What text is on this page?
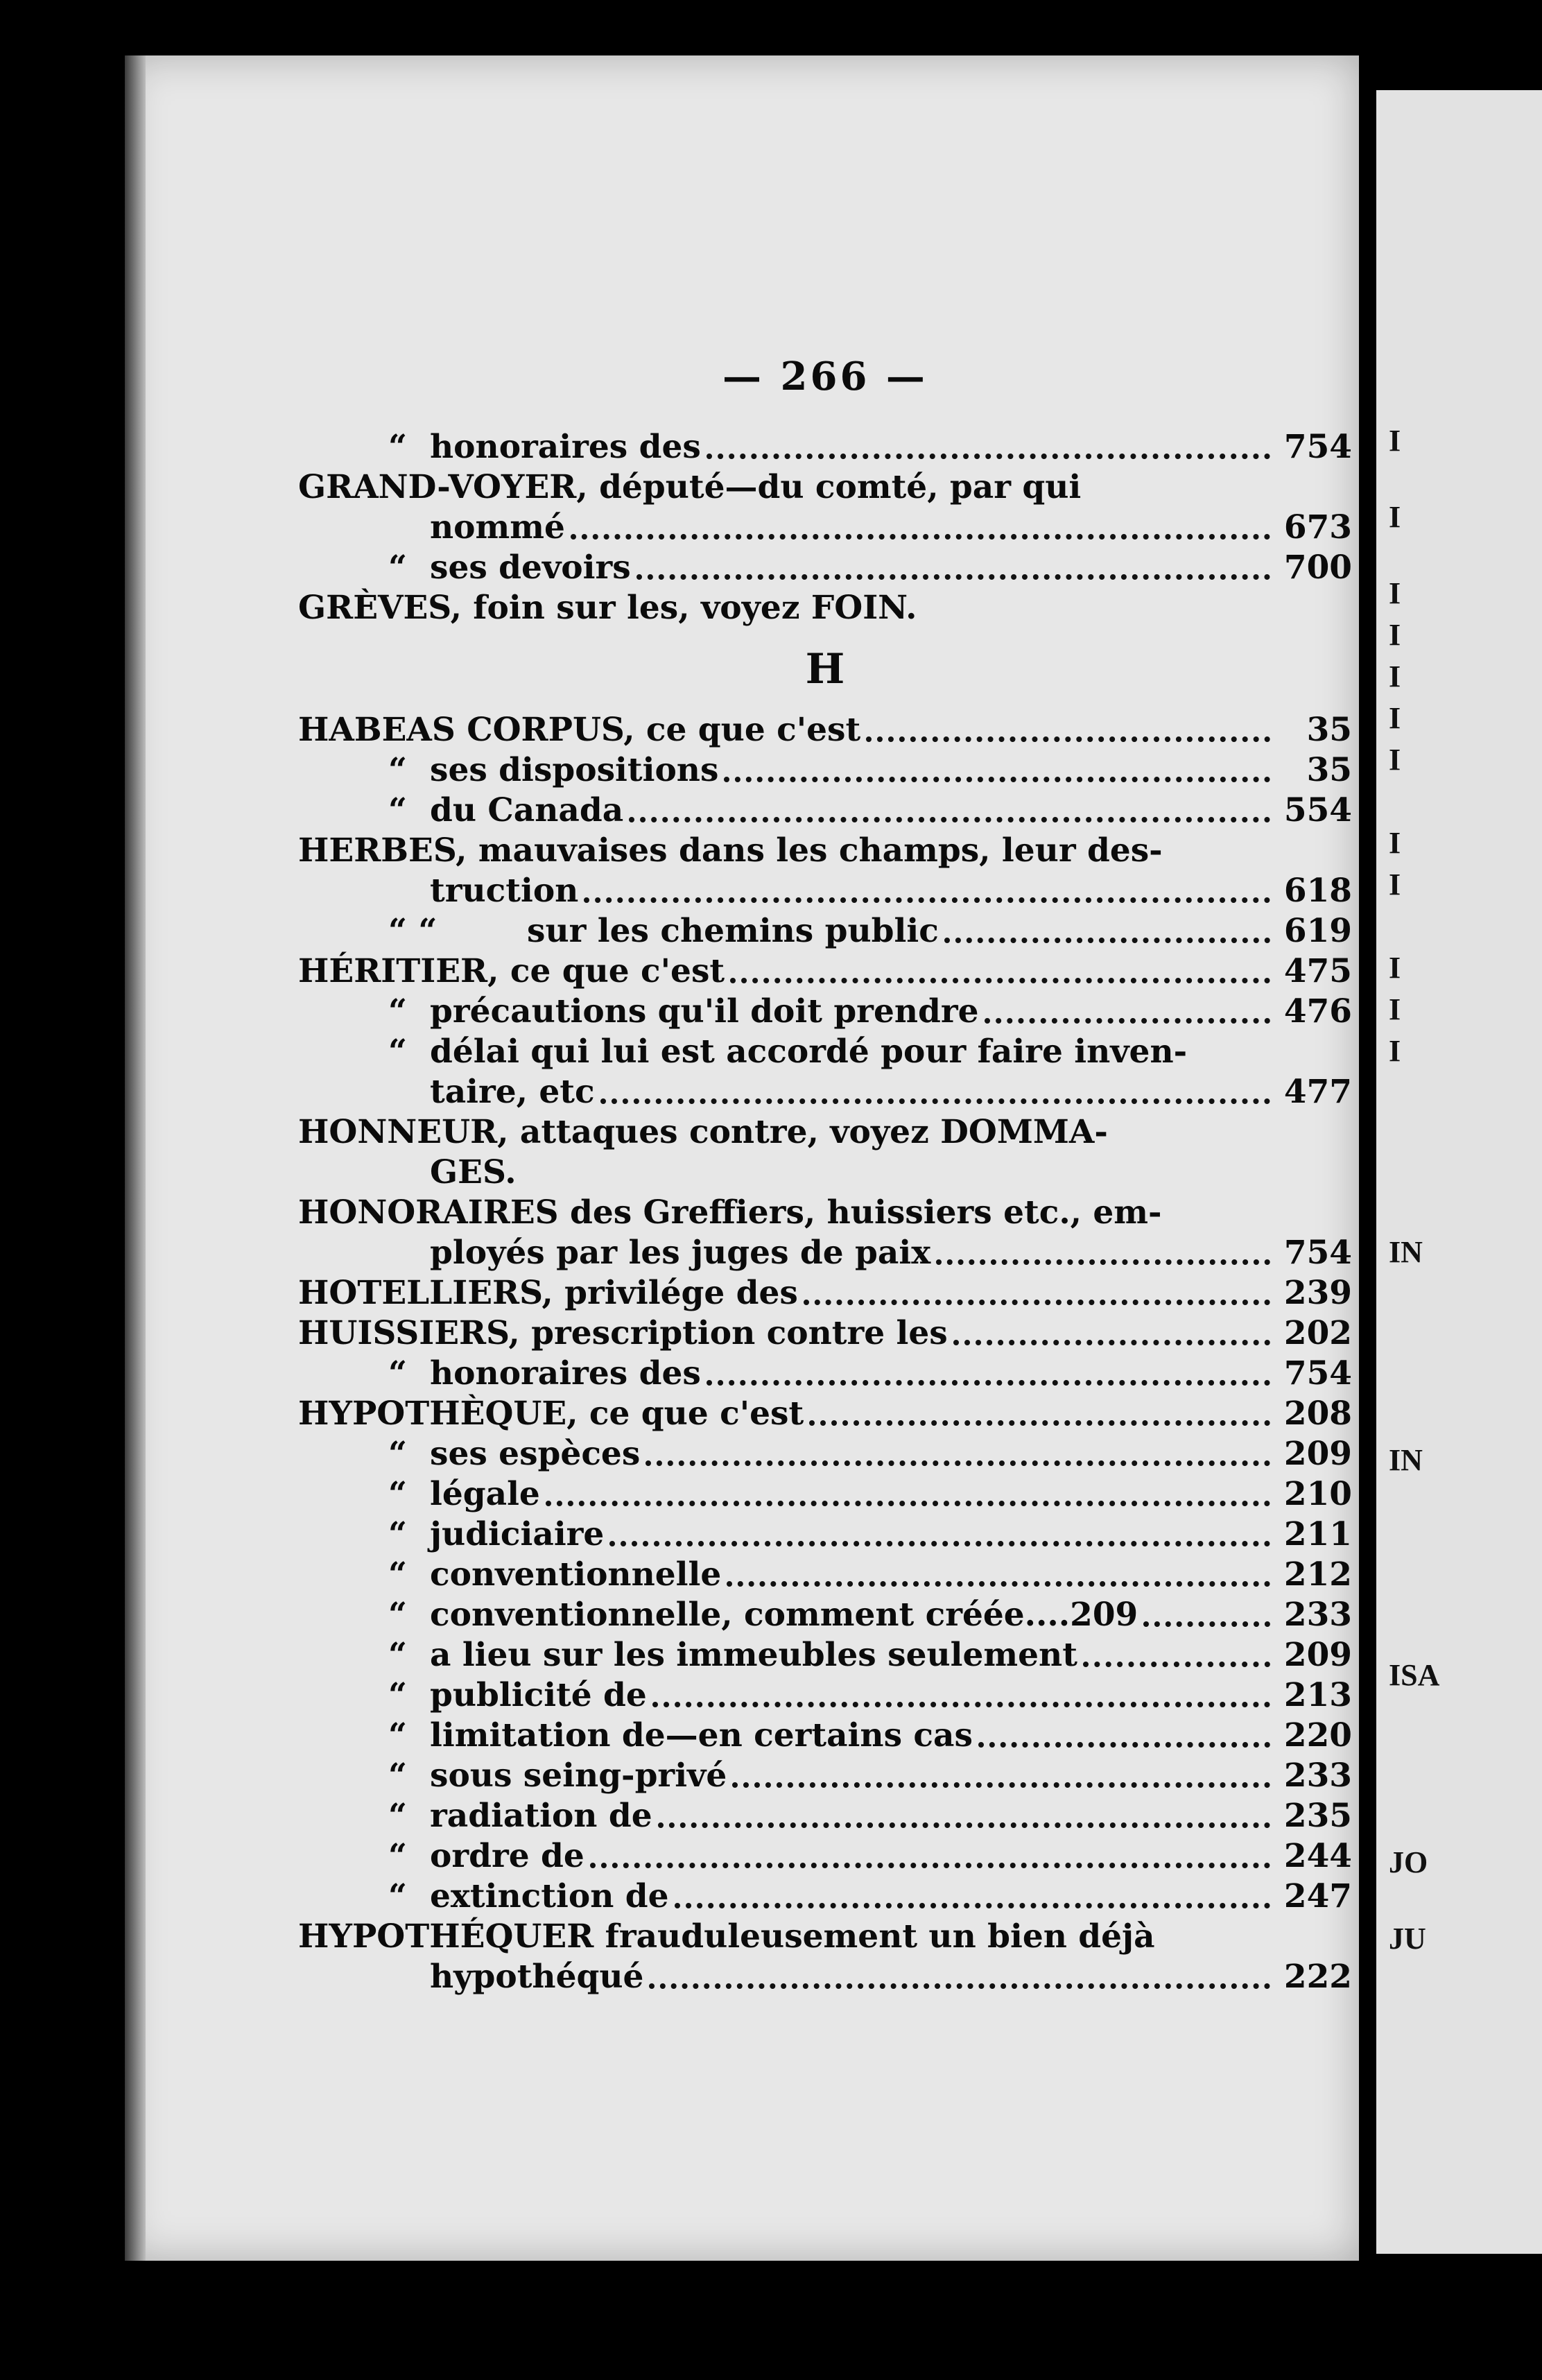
— 266 —
“ honoraires des	754
GRAND-VOYER, député—du comté, par qui
nommé	673
“ ses devoirs	700
GRÈVES, foin sur les, voyez FOIN.
H
HABEAS CORPUS, ce que c'est	35
“ ses dispositions	35
“ du Canada	554
HERBES, mauvaises dans les champs, leur des-
truction	618
“ “	sur les chemins public	619
HÉRITIER, ce que c'est	475
“ précautions qu'il doit prendre	476
“ délai qui lui est accordé pour faire inven-
taire, etc	477
HONNEUR, attaques contre, voyez DOMMA-
GES.
HONORAIRES des Greffiers, huissiers etc., em-
ployés par les juges de paix	754
HOTELLIERS, privilége des	239
HUISSIERS, prescription contre les	202
“ honoraires des	754
HYPOTHÈQUE, ce que c'est	208
“ ses espèces	209
“ légale	210
“ judiciaire	211
“ conventionnelle	212
“ conventionnelle, comment créée....209	233
“ a lieu sur les immeubles seulement	209
“ publicité de	213
“ limitation de—en certains cas	220
“ sous seing-privé	233
“ radiation de	235
“ ordre de	244
“ extinction de	247
HYPOTHÉQUER frauduleusement un bien déjà
hypothéqué	222
I
I
I
I
I
I
I
I
I
I
I
I
IN
IN
ISA
JO
JU
